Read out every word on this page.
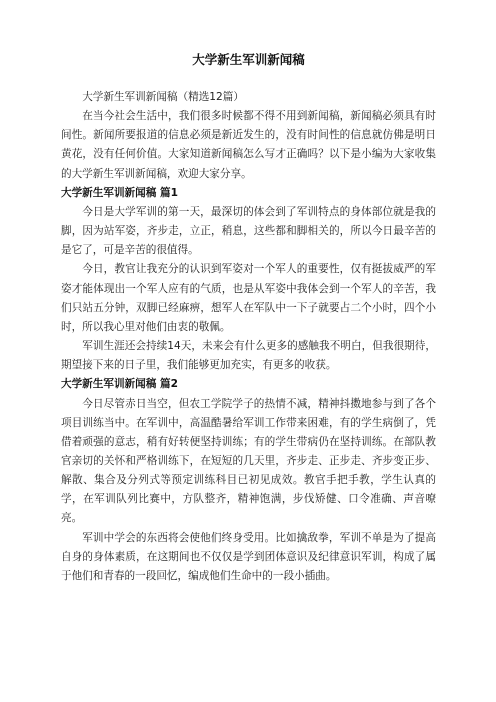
大学新生军训新闻稿

大学新生军训新闻稿（精选12篇）

在当今社会生活中，我们很多时候都不得不用到新闻稿，新闻稿必须具有时间性。新闻所要报道的信息必须是新近发生的，没有时间性的信息就仿佛是明日黄花，没有任何价值。大家知道新闻稿怎么写才正确吗？以下是小编为大家收集的大学新生军训新闻稿，欢迎大家分享。

大学新生军训新闻稿 篇1

今日是大学军训的第一天，最深切的体会到了军训特点的身体部位就是我的脚，因为站军姿，齐步走，立正，稍息，这些都和脚相关的，所以今日最辛苦的是它了，可是辛苦的很值得。

今日，教官让我充分的认识到军姿对一个军人的重要性，仅有挺拔威严的军姿才能体现出一个军人应有的气质，也是从军姿中我体会到一个军人的辛苦，我们只站五分钟，双脚已经麻痹，想军人在军队中一下子就要占二个小时，四个小时，所以我心里对他们由衷的敬佩。

军训生涯还会持续14天，未来会有什么更多的感触我不明白，但我很期待，期望接下来的日子里，我们能够更加充实，有更多的收获。

大学新生军训新闻稿 篇2

今日尽管赤日当空，但农工学院学子的热情不减，精神抖擞地参与到了各个项目训练当中。在军训中，高温酷暑给军训工作带来困难，有的学生病倒了，凭借着顽强的意志，稍有好转便坚持训练；有的学生带病仍在坚持训练。在部队教官亲切的关怀和严格训练下，在短短的几天里，齐步走、正步走、齐步变正步、解散、集合及分列式等预定训练科目已初见成效。教官手把手教，学生认真的学，在军训队列比赛中，方队整齐，精神饱满，步伐矫健、口令准确、声音嘹亮。

军训中学会的东西将会使他们终身受用。比如擒敌拳，军训不单是为了提高自身的身体素质，在这期间也不仅仅是学到团体意识及纪律意识军训，构成了属于他们和青春的一段回忆，编成他们生命中的一段小插曲。
